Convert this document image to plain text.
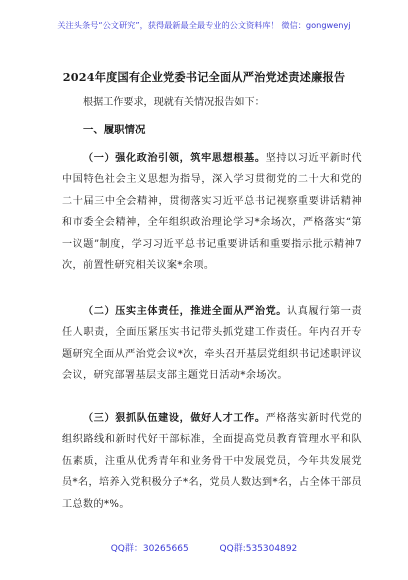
关注头条号“公文研究”，获得最新最全最专业的公文资料库！ 微信：gongwenyj
2024年度国有企业党委书记全面从严治党述责述廉报告
根据工作要求，现就有关情况报告如下：
一、履职情况
（一）强化政治引领，筑牢思想根基。坚持以习近平新时代中国特色社会主义思想为指导，深入学习贯彻党的二十大和党的二十届三中全会精神，贯彻落实习近平总书记视察重要讲话精神和市委全会精神，全年组织政治理论学习*余场次，严格落实“第一议题”制度，学习习近平总书记重要讲话和重要指示批示精神7次，前置性研究相关议案*余项。
（二）压实主体责任，推进全面从严治党。认真履行第一责任人职责，全面压紧压实书记带头抓党建工作责任。年内召开专题研究全面从严治党会议*次，牵头召开基层党组织书记述职评议会议，研究部署基层支部主题党日活动*余场次。
（三）狠抓队伍建设，做好人才工作。严格落实新时代党的组织路线和新时代好干部标准，全面提高党员教育管理水平和队伍素质，注重从优秀青年和业务骨干中发展党员，今年共发展党员*名，培养入党积极分子*名，党员人数达到*名，占全体干部员工总数的*%。
QQ群：30265665	QQ群:535304892
